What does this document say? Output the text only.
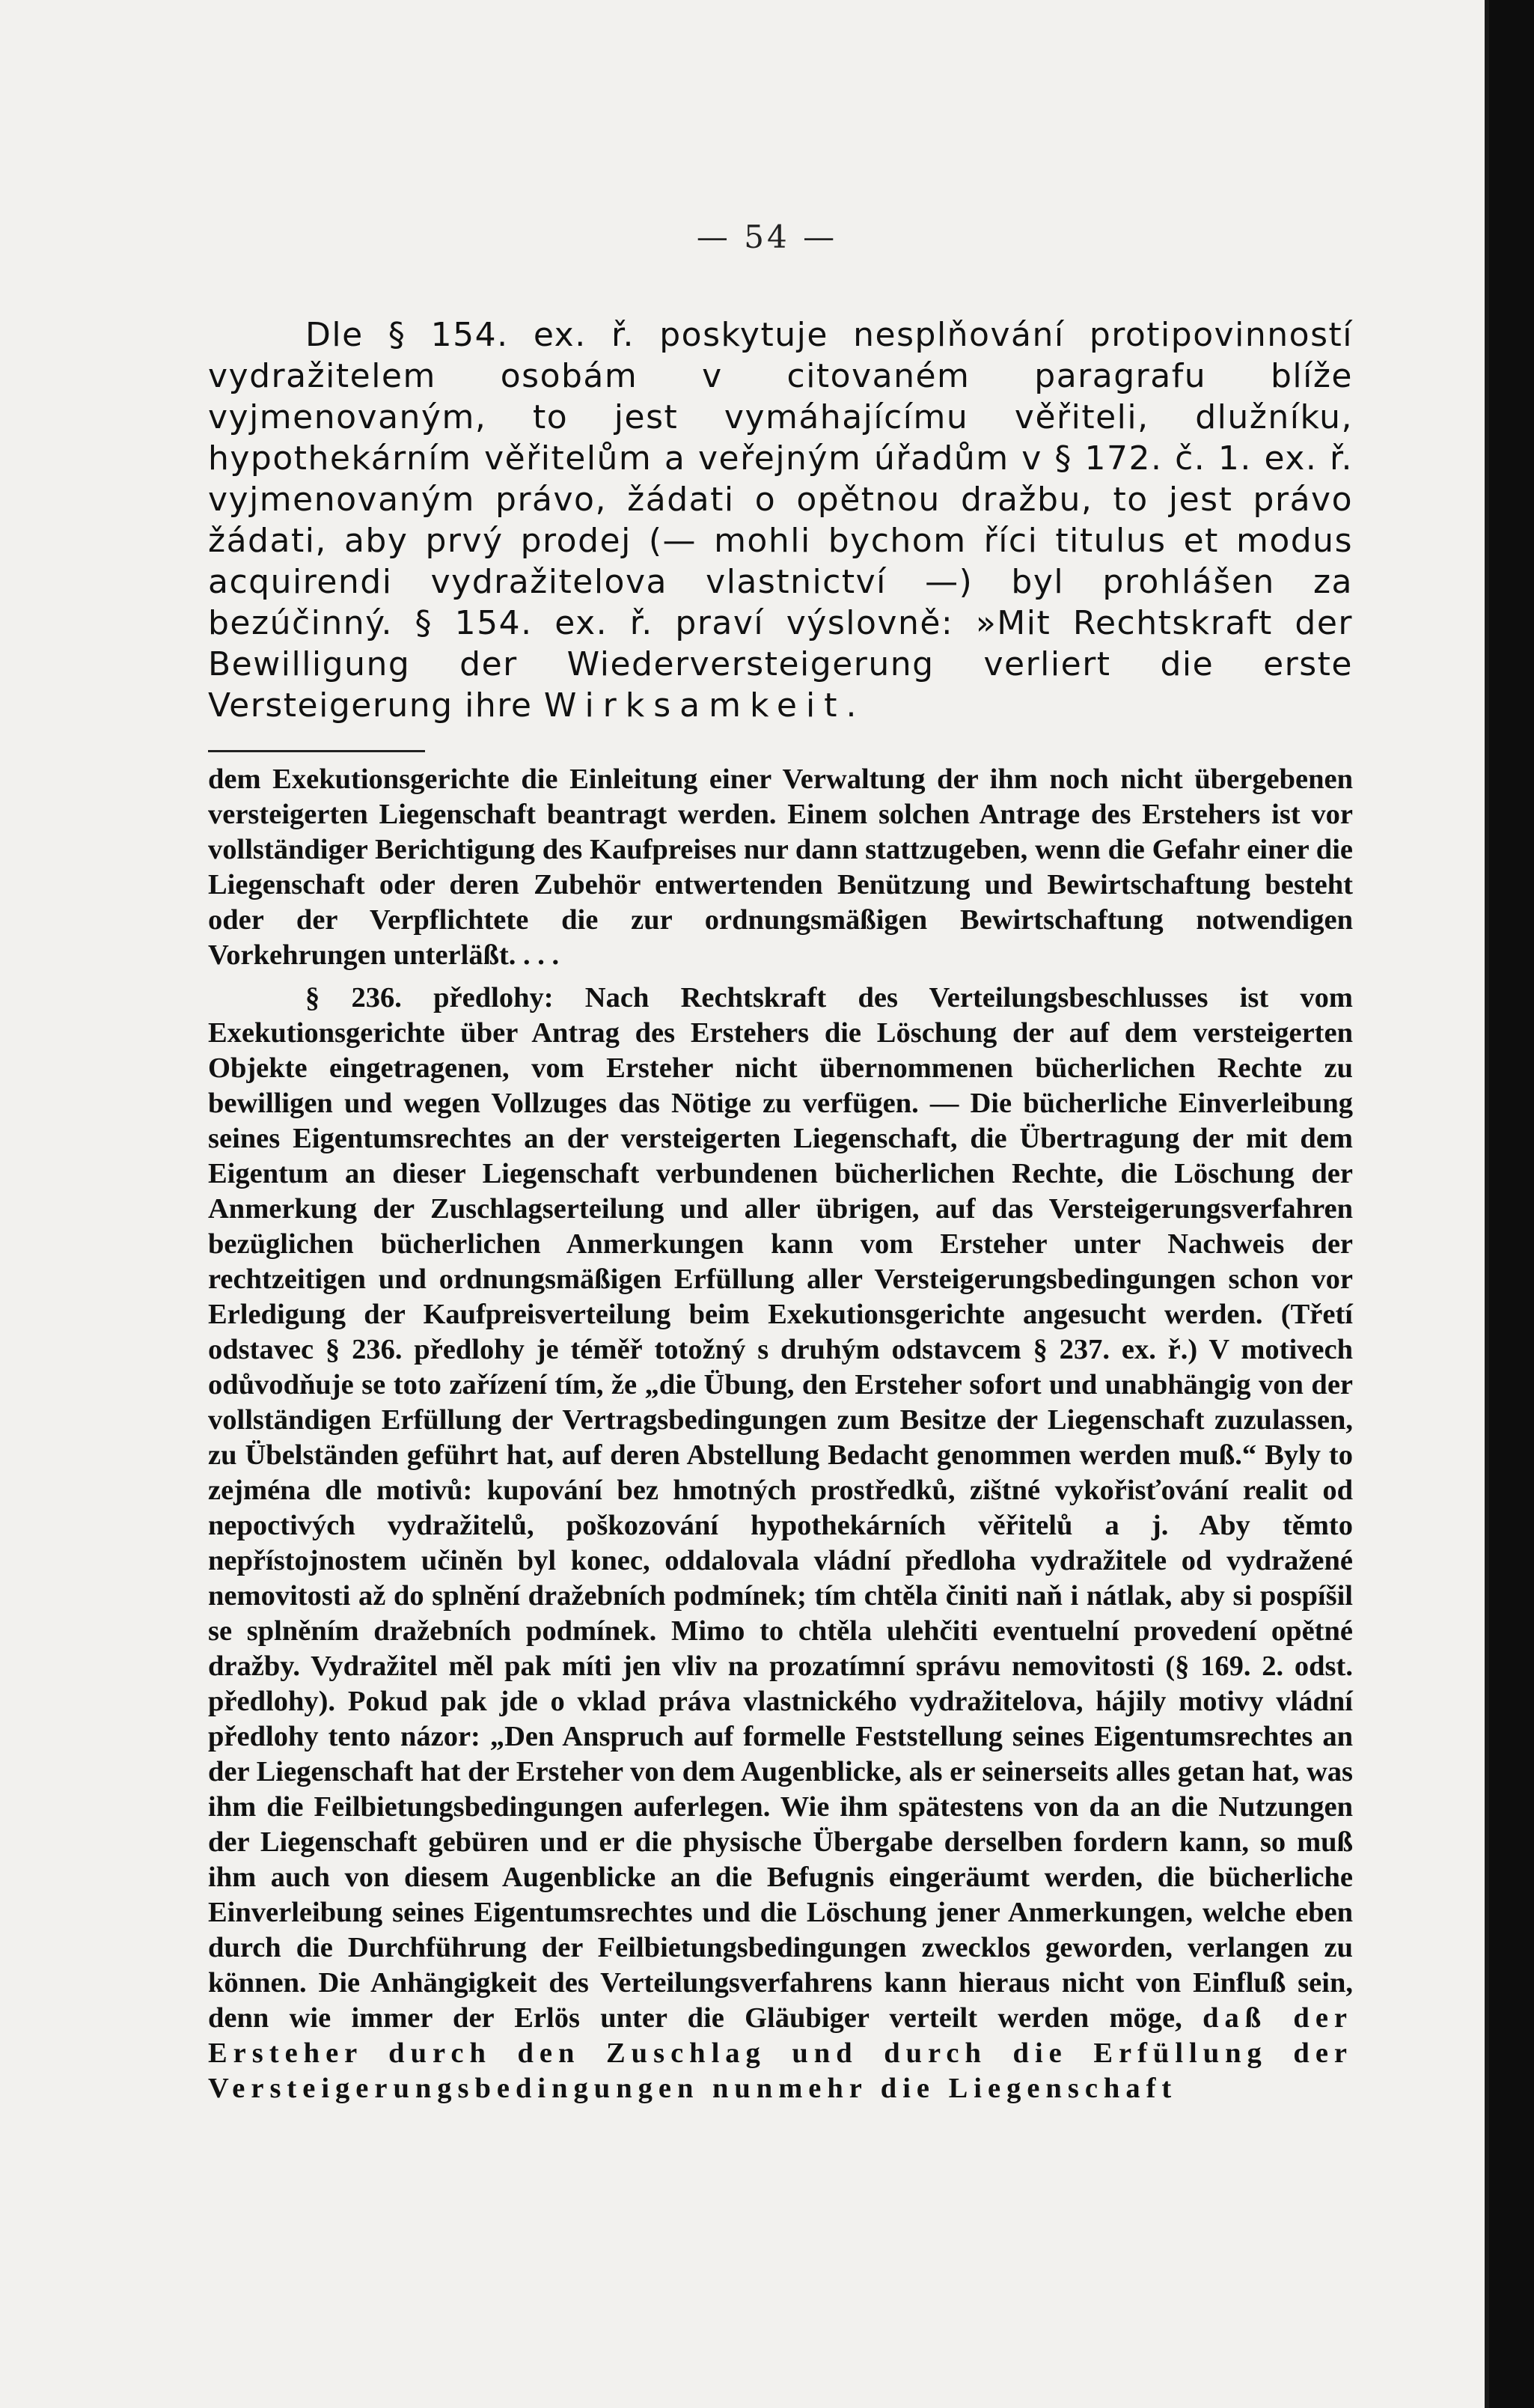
— 54 —

Dle § 154. ex. ř. poskytuje nesplňování protipovinností vydražitelem osobám v citovaném paragrafu blíže vyjmenovaným, to jest vymáhajícímu věřiteli, dlužníku, hypothekárním věřitelům a veřejným úřadům v § 172. č. 1. ex. ř. vyjmenovaným právo, žádati o opětnou dražbu, to jest právo žádati, aby prvý prodej (— mohli bychom říci titulus et modus acquirendi vydražitelova vlastnictví —) byl prohlášen za bezúčinný. § 154. ex. ř. praví výslovně: »Mit Rechtskraft der Bewilligung der Wiederversteigerung verliert die erste Versteigerung ihre Wirksamkeit.

dem Exekutionsgerichte die Einleitung einer Verwaltung der ihm noch nicht übergebenen versteigerten Liegenschaft beantragt werden. Einem solchen Antrage des Erstehers ist vor vollständiger Berichtigung des Kaufpreises nur dann stattzugeben, wenn die Gefahr einer die Liegenschaft oder deren Zubehör entwertenden Benützung und Bewirtschaftung besteht oder der Verpflichtete die zur ordnungsmäßigen Bewirtschaftung notwendigen Vorkehrungen unterläßt. . . .

§ 236. předlohy: Nach Rechtskraft des Verteilungsbeschlusses ist vom Exekutionsgerichte über Antrag des Erstehers die Löschung der auf dem versteigerten Objekte eingetragenen, vom Ersteher nicht übernommenen bücherlichen Rechte zu bewilligen und wegen Vollzuges das Nötige zu verfügen. — Die bücherliche Einverleibung seines Eigentumsrechtes an der versteigerten Liegenschaft, die Übertragung der mit dem Eigentum an dieser Liegenschaft verbundenen bücherlichen Rechte, die Löschung der Anmerkung der Zuschlagserteilung und aller übrigen, auf das Versteigerungsverfahren bezüglichen bücherlichen Anmerkungen kann vom Ersteher unter Nachweis der rechtzeitigen und ordnungsmäßigen Erfüllung aller Versteigerungsbedingungen schon vor Erledigung der Kaufpreisverteilung beim Exekutionsgerichte angesucht werden. (Třetí odstavec § 236. předlohy je téměř totožný s druhým odstavcem § 237. ex. ř.) V motivech odůvodňuje se toto zařízení tím, že „die Übung, den Ersteher sofort und unabhängig von der vollständigen Erfüllung der Vertragsbedingungen zum Besitze der Liegenschaft zuzulassen, zu Übelständen geführt hat, auf deren Abstellung Bedacht genommen werden muß.“ Byly to zejména dle motivů: kupování bez hmotných prostředků, zištné vykořisťování realit od nepoctivých vydražitelů, poškozování hypothekárních věřitelů a j. Aby těmto nepřístojnostem učiněn byl konec, oddalovala vládní předloha vydražitele od vydražené nemovitosti až do splnění dražebních podmínek; tím chtěla činiti naň i nátlak, aby si pospíšil se splněním dražebních podmínek. Mimo to chtěla ulehčiti eventuelní provedení opětné dražby. Vydražitel měl pak míti jen vliv na prozatímní správu nemovitosti (§ 169. 2. odst. předlohy). Pokud pak jde o vklad práva vlastnického vydražitelova, hájily motivy vládní předlohy tento názor: „Den Anspruch auf formelle Feststellung seines Eigentumsrechtes an der Liegenschaft hat der Ersteher von dem Augenblicke, als er seinerseits alles getan hat, was ihm die Feilbietungsbedingungen auferlegen. Wie ihm spätestens von da an die Nutzungen der Liegenschaft gebüren und er die physische Übergabe derselben fordern kann, so muß ihm auch von diesem Augenblicke an die Befugnis eingeräumt werden, die bücherliche Einverleibung seines Eigentumsrechtes und die Löschung jener Anmerkungen, welche eben durch die Durchführung der Feilbietungsbedingungen zwecklos geworden, verlangen zu können. Die Anhängigkeit des Verteilungsverfahrens kann hieraus nicht von Einfluß sein, denn wie immer der Erlös unter die Gläubiger verteilt werden möge, daß der Ersteher durch den Zuschlag und durch die Erfüllung der Versteigerungsbedingungen nunmehr die Liegenschaft
